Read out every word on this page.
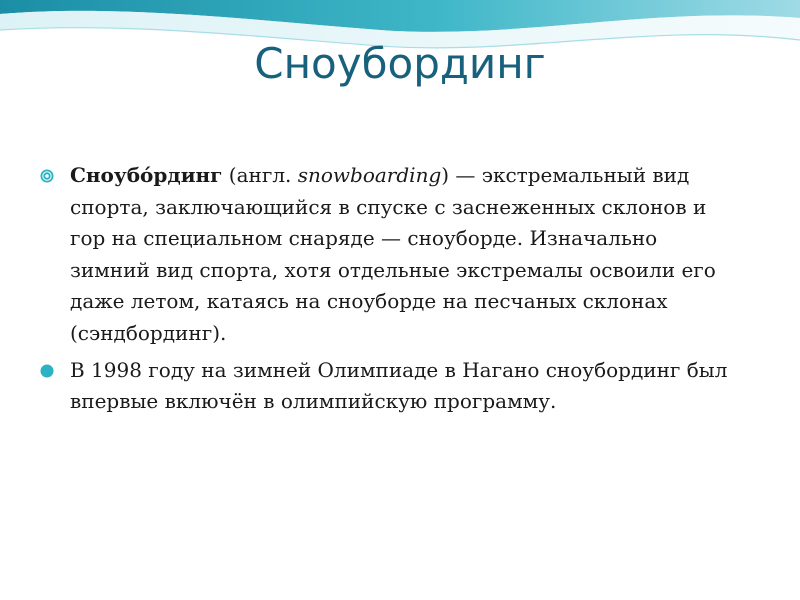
Сноубординг

Сноубо́рдинг (англ. snowboarding) — экстремальный вид спорта, заключающийся в спуске с заснеженных склонов и гор на специальном снаряде — сноуборде. Изначально зимний вид спорта, хотя отдельные экстремалы освоили его даже летом, катаясь на сноуборде на песчаных склонах (сэндбординг).

В 1998 году на зимней Олимпиаде в Нагано сноубординг был впервые включён в олимпийскую программу.
